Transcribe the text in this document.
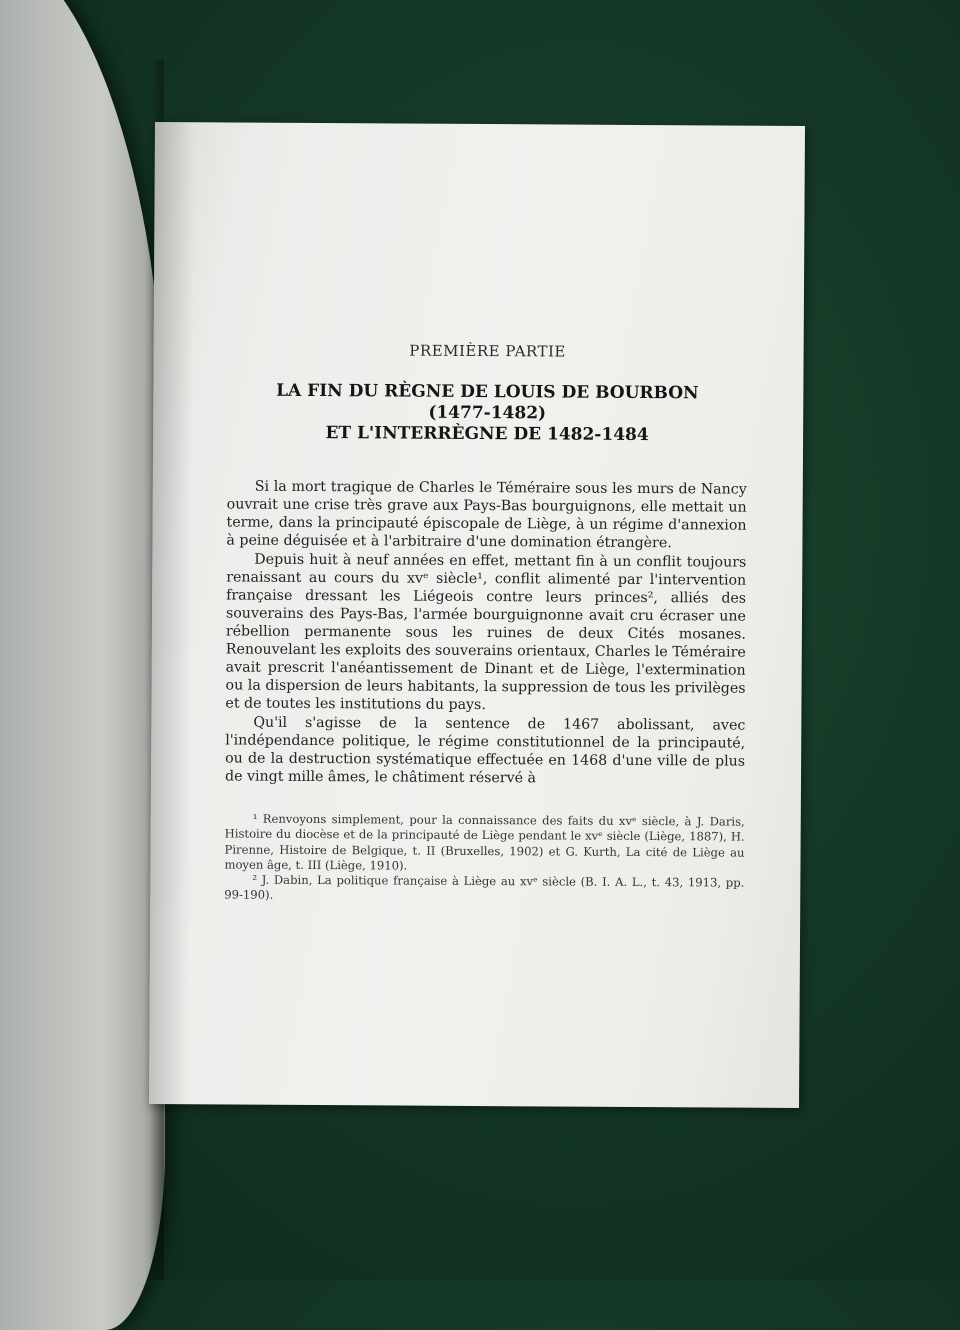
PREMIÈRE PARTIE
LA FIN DU RÈGNE DE LOUIS DE BOURBON
(1477-1482)
ET L'INTERRÈGNE DE 1482-1484

Si la mort tragique de Charles le Téméraire sous les murs de Nancy ouvrait une crise très grave aux Pays-Bas bourguignons, elle mettait un terme, dans la principauté épiscopale de Liège, à un régime d'annexion à peine déguisée et à l'arbitraire d'une domination étrangère.

Depuis huit à neuf années en effet, mettant fin à un conflit toujours renaissant au cours du xvᵉ siècle¹, conflit alimenté par l'intervention française dressant les Liégeois contre leurs princes², alliés des souverains des Pays-Bas, l'armée bourguignonne avait cru écraser une rébellion permanente sous les ruines de deux Cités mosanes. Renouvelant les exploits des souverains orientaux, Charles le Téméraire avait prescrit l'anéantissement de Dinant et de Liège, l'extermination ou la dispersion de leurs habitants, la suppression de tous les privilèges et de toutes les institutions du pays.

Qu'il s'agisse de la sentence de 1467 abolissant, avec l'indépendance politique, le régime constitutionnel de la principauté, ou de la destruction systématique effectuée en 1468 d'une ville de plus de vingt mille âmes, le châtiment réservé à

¹ Renvoyons simplement, pour la connaissance des faits du xvᵉ siècle, à J. Daris, Histoire du diocèse et de la principauté de Liège pendant le xvᵉ siècle (Liège, 1887), H. Pirenne, Histoire de Belgique, t. II (Bruxelles, 1902) et G. Kurth, La cité de Liège au moyen âge, t. III (Liège, 1910).

² J. Dabin, La politique française à Liège au xvᵉ siècle (B. I. A. L., t. 43, 1913, pp. 99-190).
